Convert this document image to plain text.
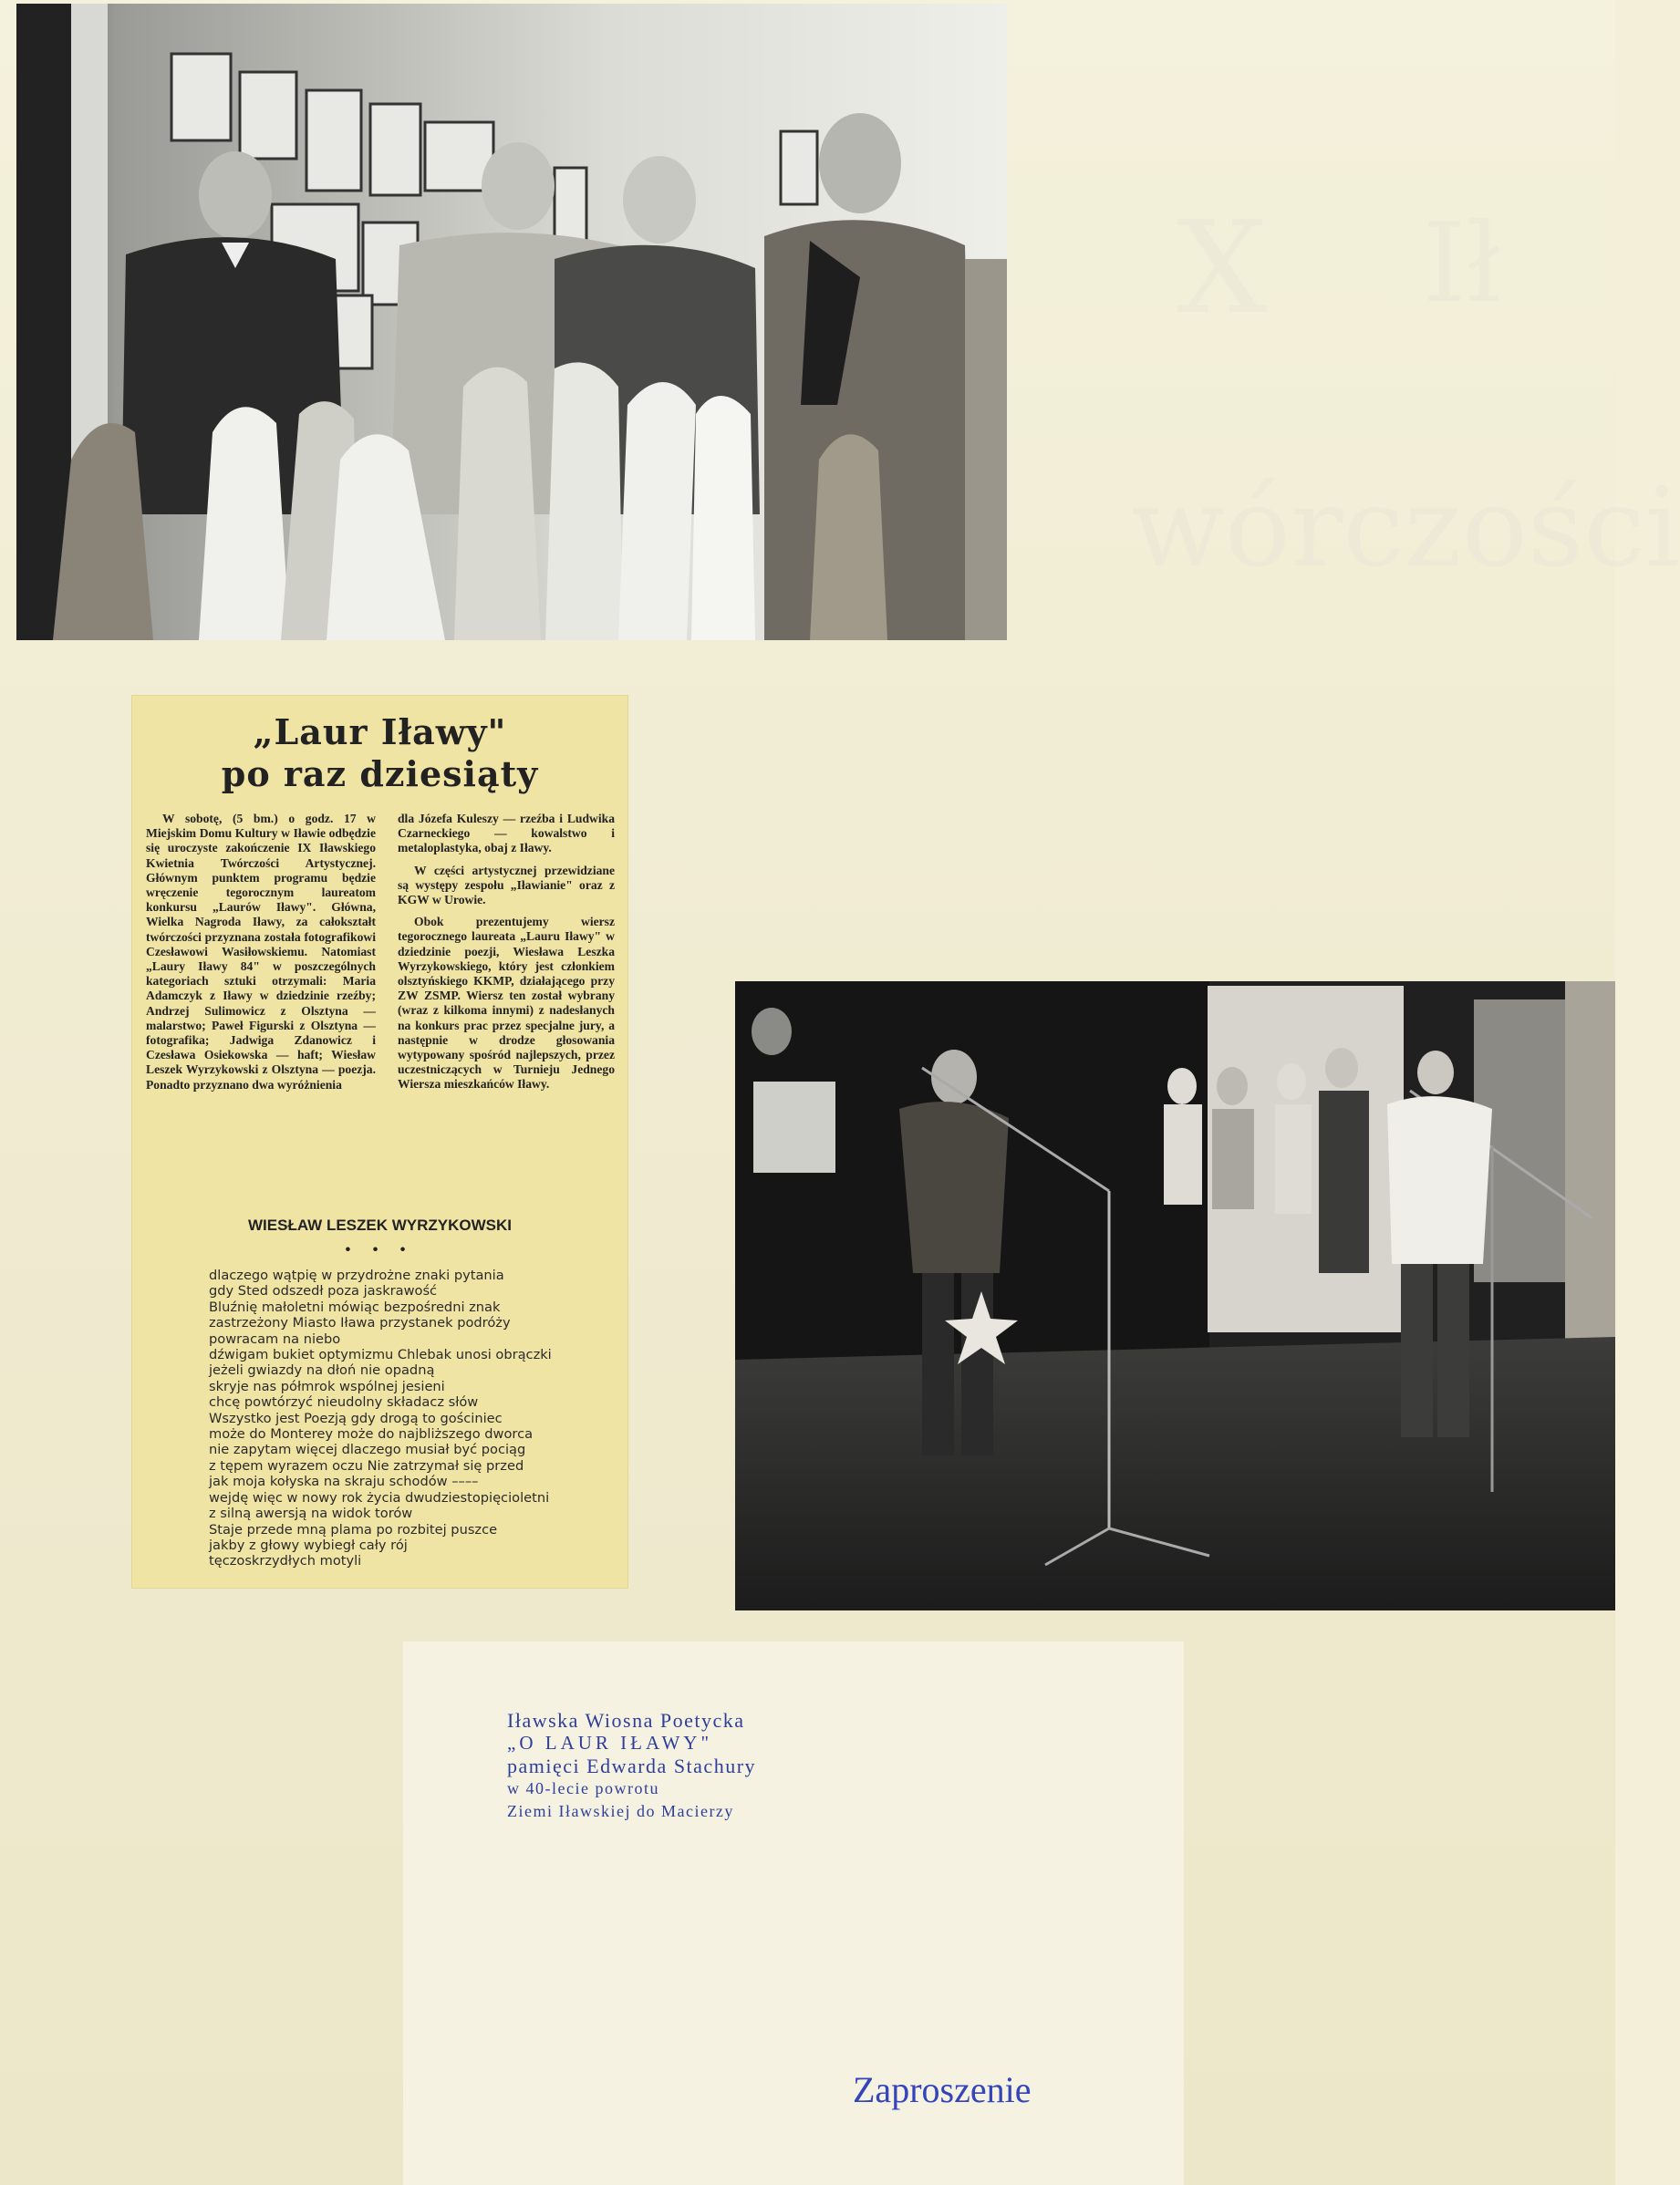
X Ił
wórczości
„Laur Iławy"
po raz dziesiąty

W sobotę, (5 bm.) o godz. 17 w Miejskim Domu Kultury w Iławie odbędzie się uroczyste zakończenie IX Iławskiego Kwietnia Twórczości Artystycznej. Głównym punktem programu będzie wręczenie tegorocznym laureatom konkursu „Laurów Iławy". Główna, Wielka Nagroda Iławy, za całokształt twórczości przyznana została fotografikowi Czesławowi Wasiłowskiemu. Natomiast „Laury Iławy 84" w poszczególnych kategoriach sztuki otrzymali: Maria Adamczyk z Iławy w dziedzinie rzeźby; Andrzej Sulimowicz z Olsztyna — malarstwo; Paweł Figurski z Olsztyna — fotografika; Jadwiga Zdanowicz i Czesława Osiekowska — haft; Wiesław Leszek Wyrzykowski z Olsztyna — poezja. Ponadto przyznano dwa wyróżnienia

dla Józefa Kuleszy — rzeźba i Ludwika Czarneckiego — kowalstwo i metaloplastyka, obaj z Iławy.

W części artystycznej przewidziane są występy zespołu „Iławianie" oraz z KGW w Urowie.

Obok prezentujemy wiersz tegorocznego laureata „Lauru Iławy" w dziedzinie poezji, Wiesława Leszka Wyrzykowskiego, który jest członkiem olsztyńskiego KKMP, działającego przy ZW ZSMP. Wiersz ten został wybrany (wraz z kilkoma innymi) z nadesłanych na konkurs prac przez specjalne jury, a następnie w drodze głosowania wytypowany spośród najlepszych, przez uczestniczących w Turnieju Jednego Wiersza mieszkańców Iławy.

WIESŁAW LESZEK WYRZYKOWSKI
• • •
dlaczego wątpię w przydrożne znaki pytania
gdy Sted odszedł poza jaskrawość
Bluźnię małoletni mówiąc bezpośredni znak
zastrzeżony Miasto Iława przystanek podróży
powracam na niebo
dźwigam bukiet optymizmu Chlebak unosi obrączki
jeżeli gwiazdy na dłoń nie opadną
skryje nas półmrok wspólnej jesieni
chcę powtórzyć nieudolny składacz słów
Wszystko jest Poezją gdy drogą to gościniec
może do Monterey może do najbliższego dworca
nie zapytam więcej dlaczego musiał być pociąg
z tępem wyrazem oczu Nie zatrzymał się przed
jak moja kołyska na skraju schodów ––––
wejdę więc w nowy rok życia dwudziestopięcioletni
z silną awersją na widok torów
Staje przede mną plama po rozbitej puszce
jakby z głowy wybiegł cały rój
tęczoskrzydłych motyli
Iławska Wiosna Poetycka
„O LAUR IŁAWY"
pamięci Edwarda Stachury
w 40-lecie powrotu
Ziemi Iławskiej do Macierzy
Zaproszenie
